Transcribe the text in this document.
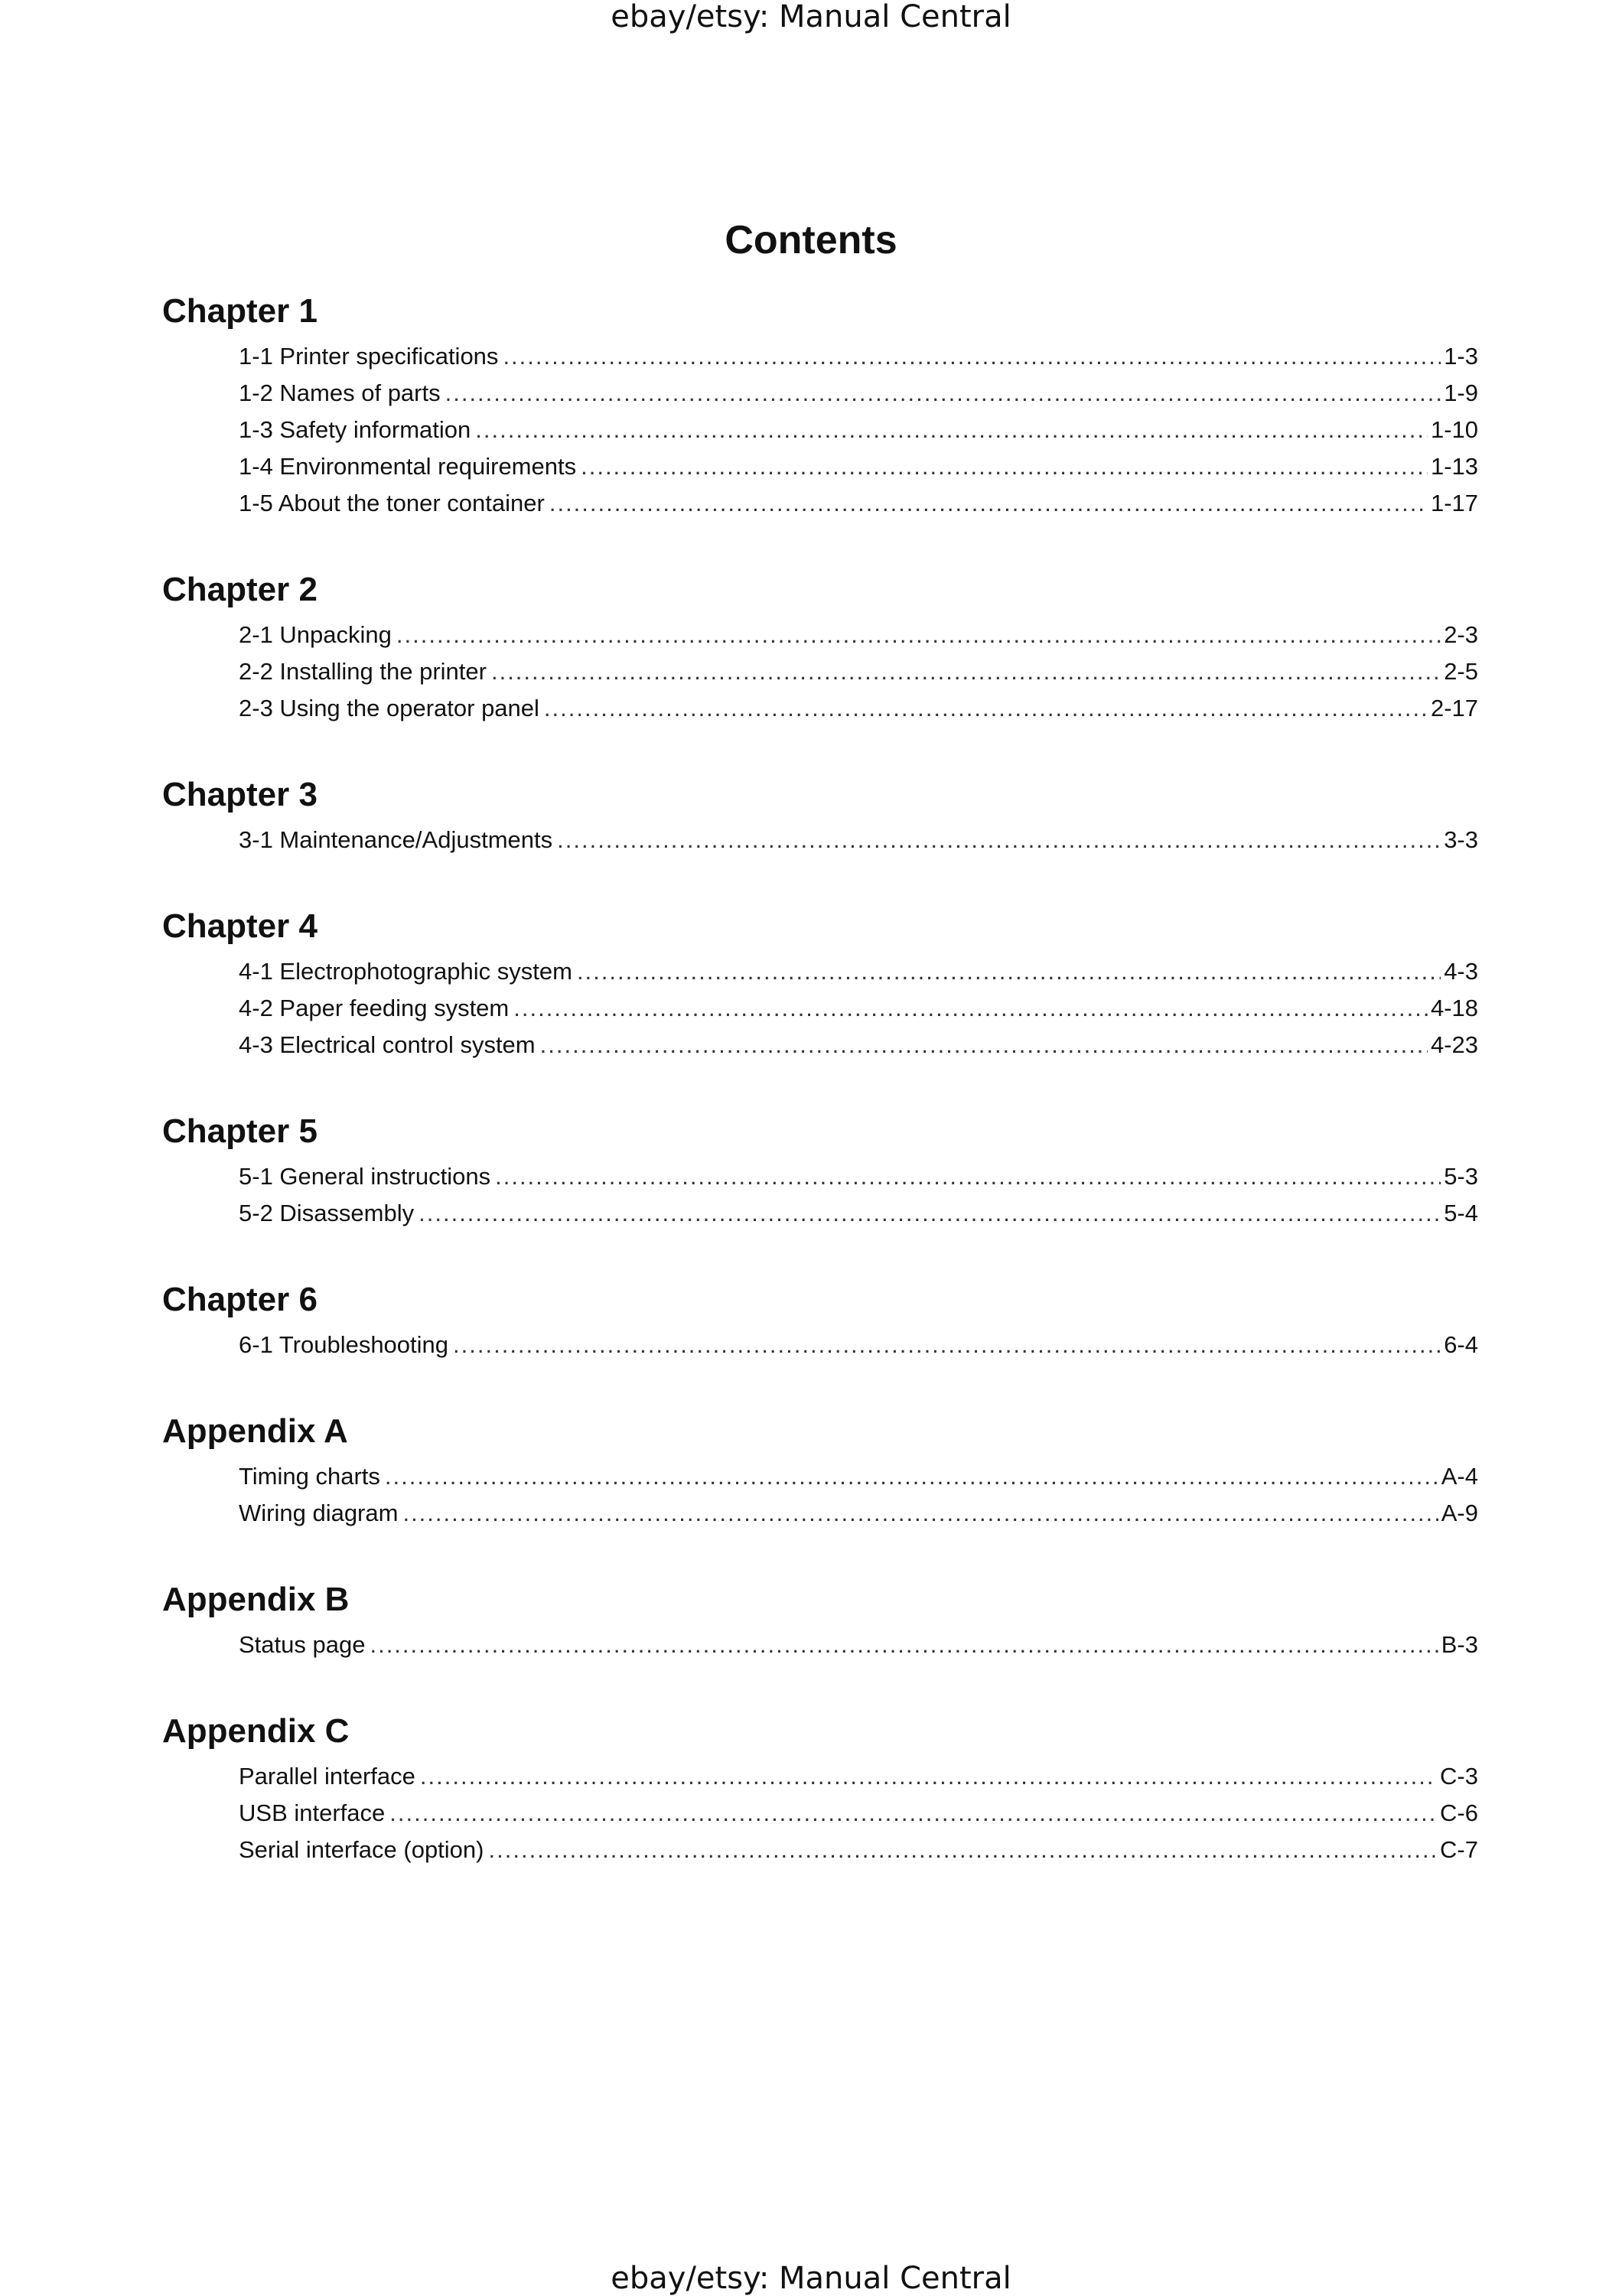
ebay/etsy: Manual Central
Contents
Chapter 1
1-1 Printer specifications .....	1-3
1-2 Names of parts .....	1-9
1-3 Safety information .....	1-10
1-4 Environmental requirements .....	1-13
1-5 About the toner container .....	1-17
Chapter 2
2-1 Unpacking .....	2-3
2-2 Installing the printer .....	2-5
2-3 Using the operator panel .....	2-17
Chapter 3
3-1 Maintenance/Adjustments .....	3-3
Chapter 4
4-1 Electrophotographic system .....	4-3
4-2 Paper feeding system .....	4-18
4-3 Electrical control system .....	4-23
Chapter 5
5-1 General instructions .....	5-3
5-2 Disassembly .....	5-4
Chapter 6
6-1 Troubleshooting .....	6-4
Appendix A
Timing charts .....	A-4
Wiring diagram .....	A-9
Appendix B
Status page .....	B-3
Appendix C
Parallel interface .....	C-3
USB interface .....	C-6
Serial interface (option) .....	C-7
ebay/etsy: Manual Central
